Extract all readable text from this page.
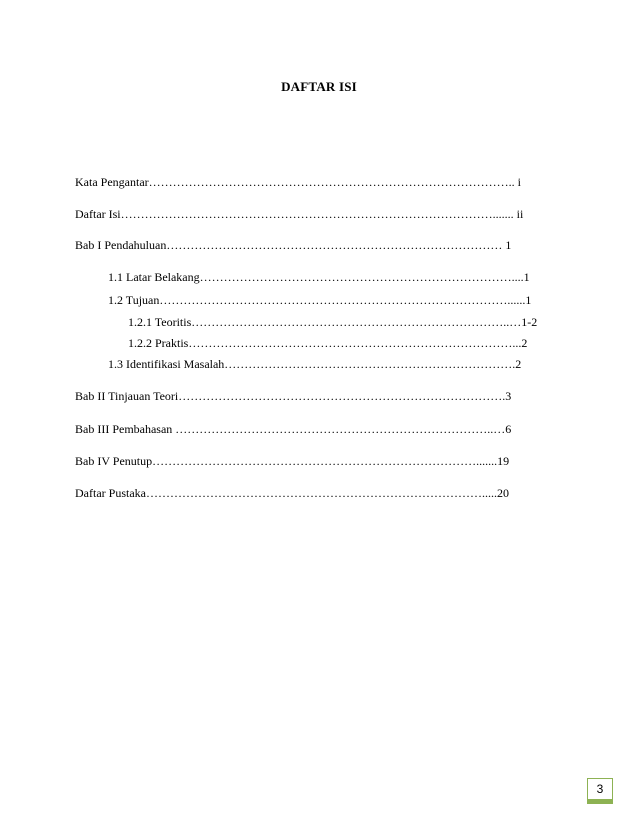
DAFTAR ISI
Kata Pengantar……………………………………………………………………………….. i
Daftar Isi…………………………………………………………………………………....... ii
Bab I Pendahuluan………………………………………………………………………… 1
1.1 Latar Belakang……………………………………………………………………....1
1.2 Tujuan……………………………………………………………………………......1
1.2.1 Teoritis……………………………………………………………………..…1-2
1.2.2 Praktis………………………………………………………………………...2
1.3 Identifikasi Masalah……………………………………………………………….2
Bab II Tinjauan Teori……………………………………………………………………….3
Bab III Pembahasan ……………………………………………………………………..…6
Bab IV Penutup……………………………………………………………………….......19
Daftar Pustaka………………………………………………………………………….....20
3
